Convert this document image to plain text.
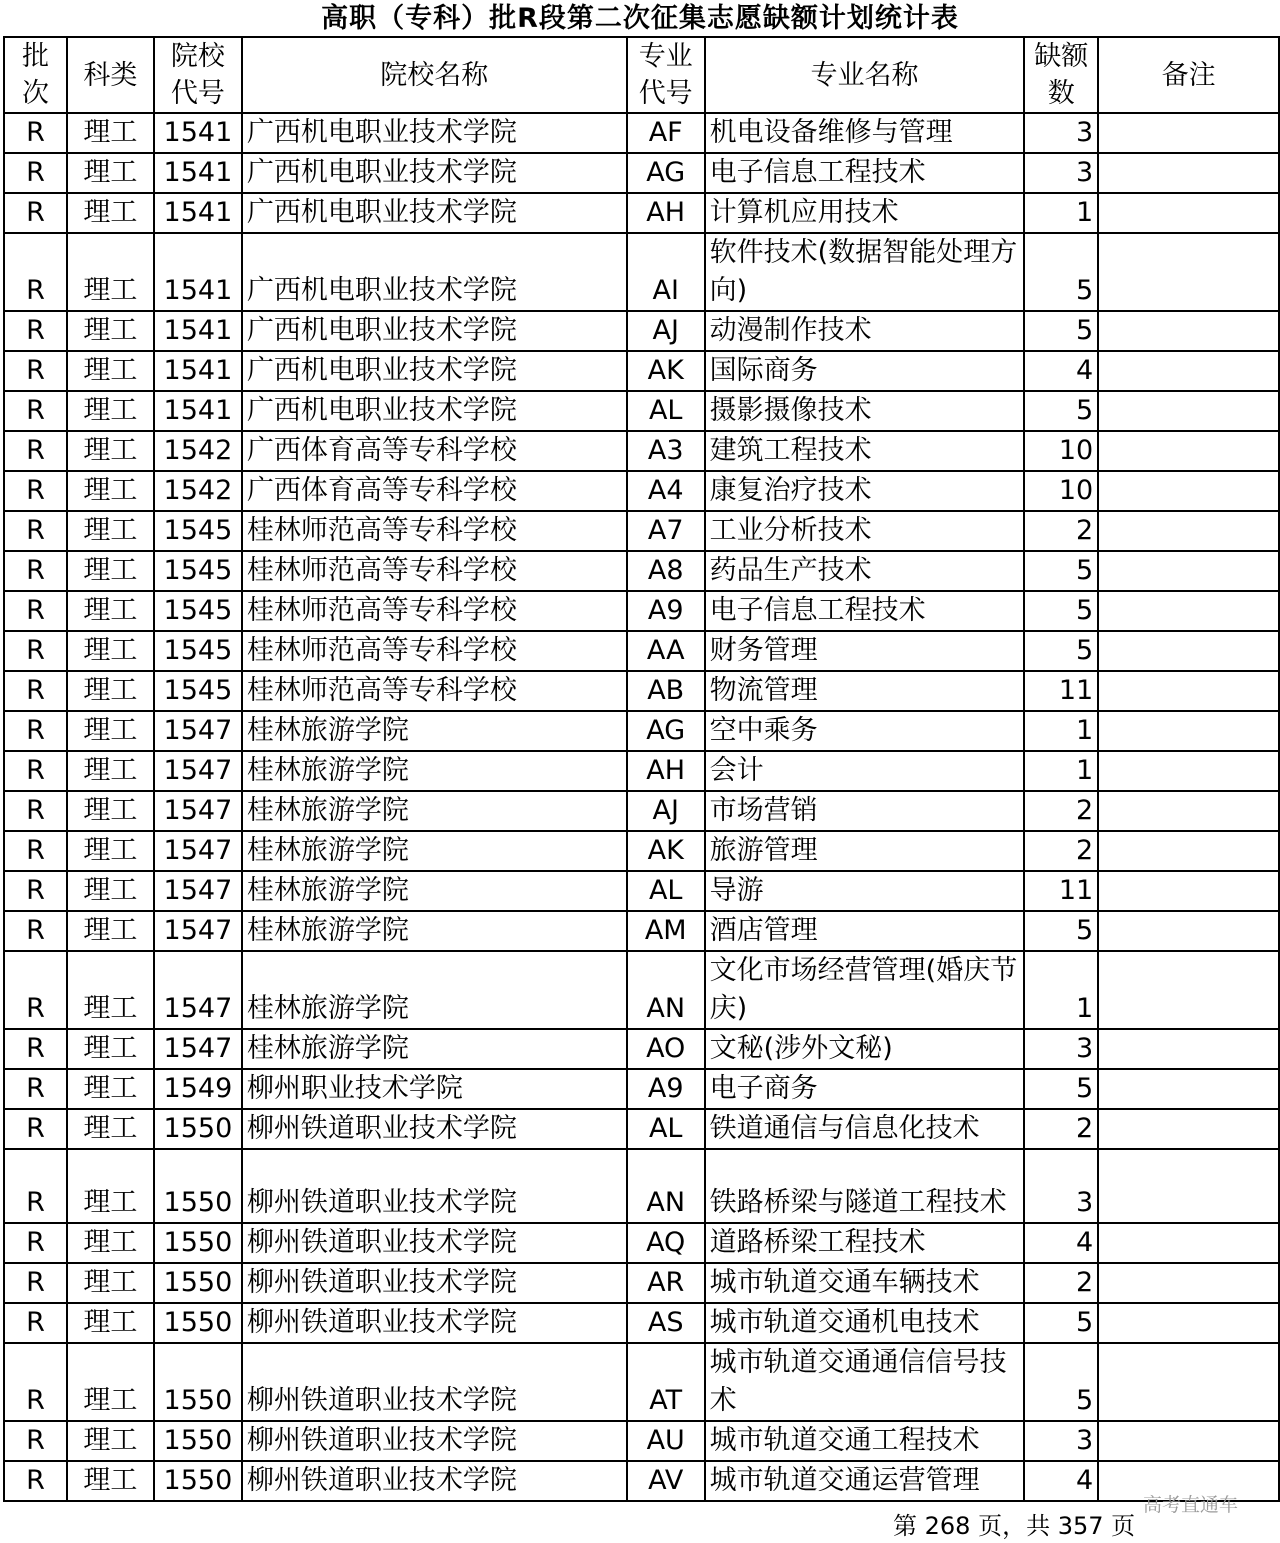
高职（专科）批R段第二次征集志愿缺额计划统计表
批次	科类	院校代号	院校名称	专业代号	专业名称	缺额数	备注
R	理工	1541	广西机电职业技术学院	AF	机电设备维修与管理	3	
R	理工	1541	广西机电职业技术学院	AG	电子信息工程技术	3	
R	理工	1541	广西机电职业技术学院	AH	计算机应用技术	1	
R	理工	1541	广西机电职业技术学院	AI	软件技术(数据智能处理方向)	5	
R	理工	1541	广西机电职业技术学院	AJ	动漫制作技术	5	
R	理工	1541	广西机电职业技术学院	AK	国际商务	4	
R	理工	1541	广西机电职业技术学院	AL	摄影摄像技术	5	
R	理工	1542	广西体育高等专科学校	A3	建筑工程技术	10	
R	理工	1542	广西体育高等专科学校	A4	康复治疗技术	10	
R	理工	1545	桂林师范高等专科学校	A7	工业分析技术	2	
R	理工	1545	桂林师范高等专科学校	A8	药品生产技术	5	
R	理工	1545	桂林师范高等专科学校	A9	电子信息工程技术	5	
R	理工	1545	桂林师范高等专科学校	AA	财务管理	5	
R	理工	1545	桂林师范高等专科学校	AB	物流管理	11	
R	理工	1547	桂林旅游学院	AG	空中乘务	1	
R	理工	1547	桂林旅游学院	AH	会计	1	
R	理工	1547	桂林旅游学院	AJ	市场营销	2	
R	理工	1547	桂林旅游学院	AK	旅游管理	2	
R	理工	1547	桂林旅游学院	AL	导游	11	
R	理工	1547	桂林旅游学院	AM	酒店管理	5	
R	理工	1547	桂林旅游学院	AN	文化市场经营管理(婚庆节庆)	1	
R	理工	1547	桂林旅游学院	AO	文秘(涉外文秘)	3	
R	理工	1549	柳州职业技术学院	A9	电子商务	5	
R	理工	1550	柳州铁道职业技术学院	AL	铁道通信与信息化技术	2	
R	理工	1550	柳州铁道职业技术学院	AN	铁路桥梁与隧道工程技术	3	
R	理工	1550	柳州铁道职业技术学院	AQ	道路桥梁工程技术	4	
R	理工	1550	柳州铁道职业技术学院	AR	城市轨道交通车辆技术	2	
R	理工	1550	柳州铁道职业技术学院	AS	城市轨道交通机电技术	5	
R	理工	1550	柳州铁道职业技术学院	AT	城市轨道交通通信信号技术	5	
R	理工	1550	柳州铁道职业技术学院	AU	城市轨道交通工程技术	3	
R	理工	1550	柳州铁道职业技术学院	AV	城市轨道交通运营管理	4	
高考直通车
第 268 页，共 357 页
